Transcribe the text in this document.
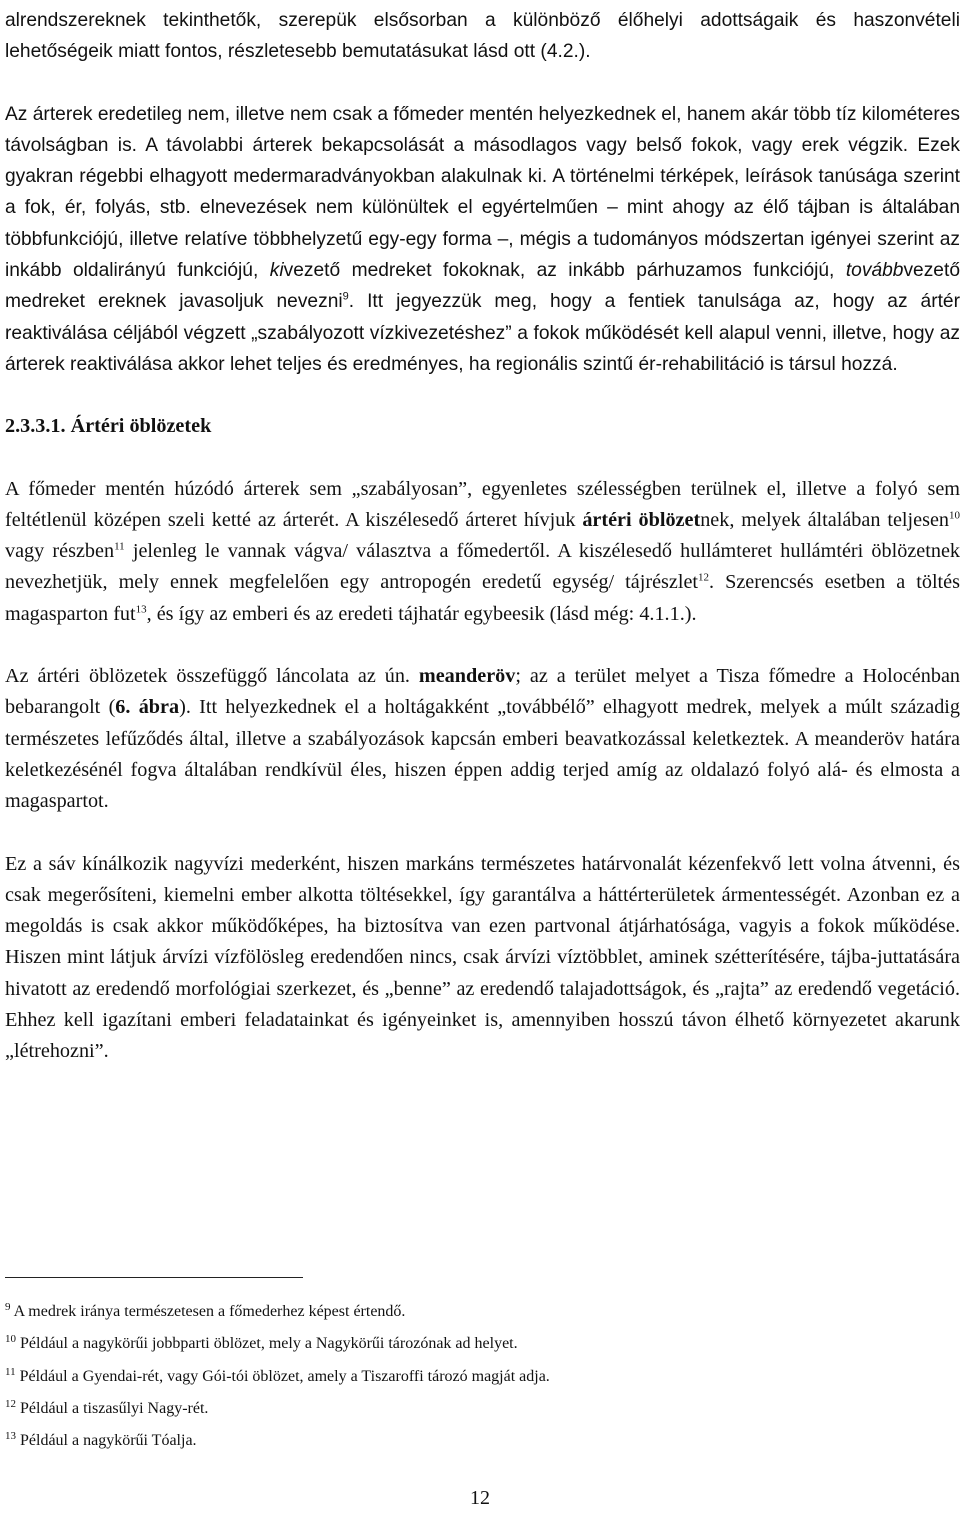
alrendszereknek tekinthetők, szerepük elsősorban a különböző élőhelyi adottságaik és haszonvételi lehetőségeik miatt fontos, részletesebb bemutatásukat lásd ott (4.2.).

Az árterek eredetileg nem, illetve nem csak a főmeder mentén helyezkednek el, hanem akár több tíz kilométeres távolságban is. A távolabbi árterek bekapcsolását a másodlagos vagy belső fokok, vagy erek végzik. Ezek gyakran régebbi elhagyott medermaradványokban alakulnak ki. A történelmi térképek, leírások tanúsága szerint a fok, ér, folyás, stb. elnevezések nem különültek el egyértelműen – mint ahogy az élő tájban is általában többfunkciójú, illetve relatíve többhelyzetű egy-egy forma –, mégis a tudományos módszertan igényei szerint az inkább oldalirányú funkciójú, kivezető medreket fokoknak, az inkább párhuzamos funkciójú, továbbvezető medreket ereknek javasoljuk nevezni$^9$. Itt jegyezzük meg, hogy a fentiek tanulsága az, hogy az ártér reaktiválása céljából végzett „szabályozott vízkivezetéshez” a fokok működését kell alapul venni, illetve, hogy az árterek reaktiválása akkor lehet teljes és eredményes, ha regionális szintű ér-rehabilitáció is társul hozzá.

2.3.3.1. Ártéri öblözetek

A főmeder mentén húzódó árterek sem „szabályosan”, egyenletes szélességben terülnek el, illetve a folyó sem feltétlenül középen szeli ketté az árterét. A kiszélesedő árteret hívjuk ártéri öblözetnek, melyek általában teljesen$^{10}$ vagy részben$^{11}$ jelenleg le vannak vágva/ választva a főmedertől. A kiszélesedő hullámteret hullámtéri öblözetnek nevezhetjük, mely ennek megfelelően egy antropogén eredetű egység/ tájrészlet$^{12}$. Szerencsés esetben a töltés magasparton fut$^{13}$, és így az emberi és az eredeti tájhatár egybeesik (lásd még: 4.1.1.).

Az ártéri öblözetek összefüggő láncolata az ún. meanderöv; az a terület melyet a Tisza főmedre a Holocénban bebarangolt (6. ábra). Itt helyezkednek el a holtágakként „továbbélő” elhagyott medrek, melyek a múlt századig természetes lefűződés által, illetve a szabályozások kapcsán emberi beavatkozással keletkeztek. A meanderöv határa keletkezésénél fogva általában rendkívül éles, hiszen éppen addig terjed amíg az oldalazó folyó alá- és elmosta a magaspartot.

Ez a sáv kínálkozik nagyvízi mederként, hiszen markáns természetes határvonalát kézenfekvő lett volna átvenni, és csak megerősíteni, kiemelni ember alkotta töltésekkel, így garantálva a háttérterületek ármentességét. Azonban ez a megoldás is csak akkor működőképes, ha biztosítva van ezen partvonal átjárhatósága, vagyis a fokok működése. Hiszen mint látjuk árvízi vízfölösleg eredendően nincs, csak árvízi víztöbblet, aminek szétterítésére, tájba-juttatására hivatott az eredendő morfológiai szerkezet, és „benne” az eredendő talajadottságok, és „rajta” az eredendő vegetáció. Ehhez kell igazítani emberi feladatainkat és igényeinket is, amennyiben hosszú távon élhető környezetet akarunk „létrehozni”.

$^9$ A medrek iránya természetesen a főmederhez képest értendő.
$^{10}$ Például a nagykörűi jobbparti öblözet, mely a Nagykörűi tározónak ad helyet.
$^{11}$ Például a Gyendai-rét, vagy Gói-tói öblözet, amely a Tiszaroffi tározó magját adja.
$^{12}$ Például a tiszasűlyi Nagy-rét.
$^{13}$ Például a nagykörűi Tóalja.
12
